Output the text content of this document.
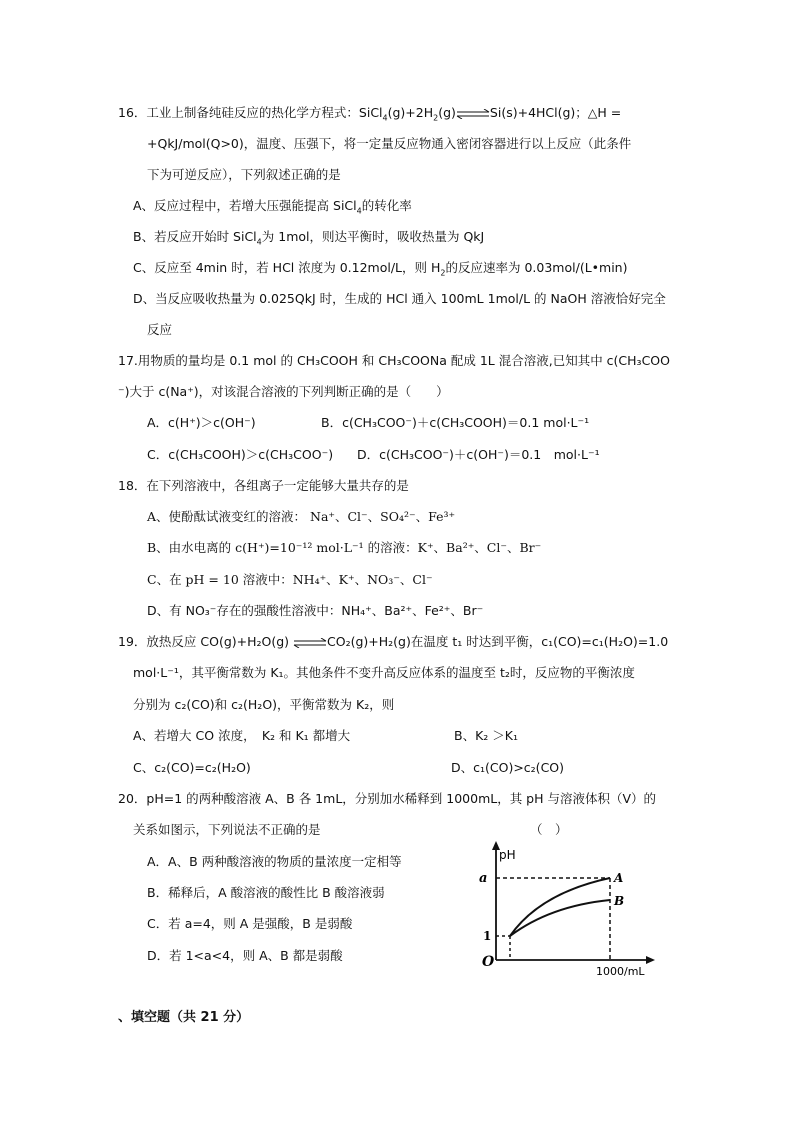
16．工业上制备纯硅反应的热化学方程式：$SiCl_4(g)+2H_2(g)\rightleftharpoons Si(s)+4HCl(g)$；△H =
+QkJ/mol(Q>0)，温度、压强下，将一定量反应物通入密闭容器进行以上反应（此条件
下为可逆反应），下列叙述正确的是
A、反应过程中，若增大压强能提高 SiCl$_4$的转化率
B、若反应开始时 SiCl$_4$为 1mol，则达平衡时，吸收热量为 QkJ
C、反应至 4min 时，若 HCl 浓度为 0.12mol/L，则 $H_2$的反应速率为 0.03mol/(L•min)
D、当反应吸收热量为 0.025QkJ 时，生成的 HCl 通入 100mL 1mol/L 的 NaOH 溶液恰好完全
反应
17.用物质的量均是 0.1 mol 的 CH₃COOH 和 CH₃COONa 配成 1L 混合溶液,已知其中 c(CH₃COO
⁻)大于 c(Na⁺)，对该混合溶液的下列判断正确的是（　　）
A．c(H⁺)＞c(OH⁻)	B．c(CH₃COO⁻)＋c(CH₃COOH)＝0.1 mol·L⁻¹
C．c(CH₃COOH)＞c(CH₃COO⁻) D．c(CH₃COO⁻)＋c(OH⁻)＝0.1　mol·L⁻¹
18．在下列溶液中，各组离子一定能够大量共存的是
A、使酚酞试液变红的溶液： Na⁺、Cl⁻、SO₄²⁻、Fe³⁺
B、由水电离的 c(H⁺)=10⁻¹² mol·L⁻¹ 的溶液：K⁺、Ba²⁺、Cl⁻、Br⁻
C、在 pH = 10 溶液中：NH₄⁺、K⁺、NO₃⁻、Cl⁻
D、有 NO₃⁻存在的强酸性溶液中：NH₄⁺、Ba²⁺、Fe²⁺、Br⁻
19．放热反应 CO(g)+H₂O(g) ⇌CO₂(g)+H₂(g)在温度 t₁ 时达到平衡，c₁(CO)=c₁(H₂O)=1.0
mol·L⁻¹，其平衡常数为 K₁。其他条件不变升高反应体系的温度至 t₂时，反应物的平衡浓度
分别为 c₂(CO)和 c₂(H₂O)，平衡常数为 K₂，则
A、若增大 CO 浓度，　K₂ 和 K₁ 都增大	B、K₂ ＞K₁
C、c₂(CO)=c₂(H₂O)	D、c₁(CO)>c₂(CO)
20．pH=1 的两种酸溶液 A、B 各 1mL，分别加水稀释到 1000mL，其 pH 与溶液体积（V）的
关系如图示，下列说法不正确的是	（　）
A．A、B 两种酸溶液的物质的量浓度一定相等
B．稀释后，A 酸溶液的酸性比 B 酸溶液弱
C．若 a=4，则 A 是强酸，B 是弱酸
D．若 1<a<4，则 A、B 都是弱酸
pH
a
1
O
A
B
1000/mL
、填空题（共 21 分）
